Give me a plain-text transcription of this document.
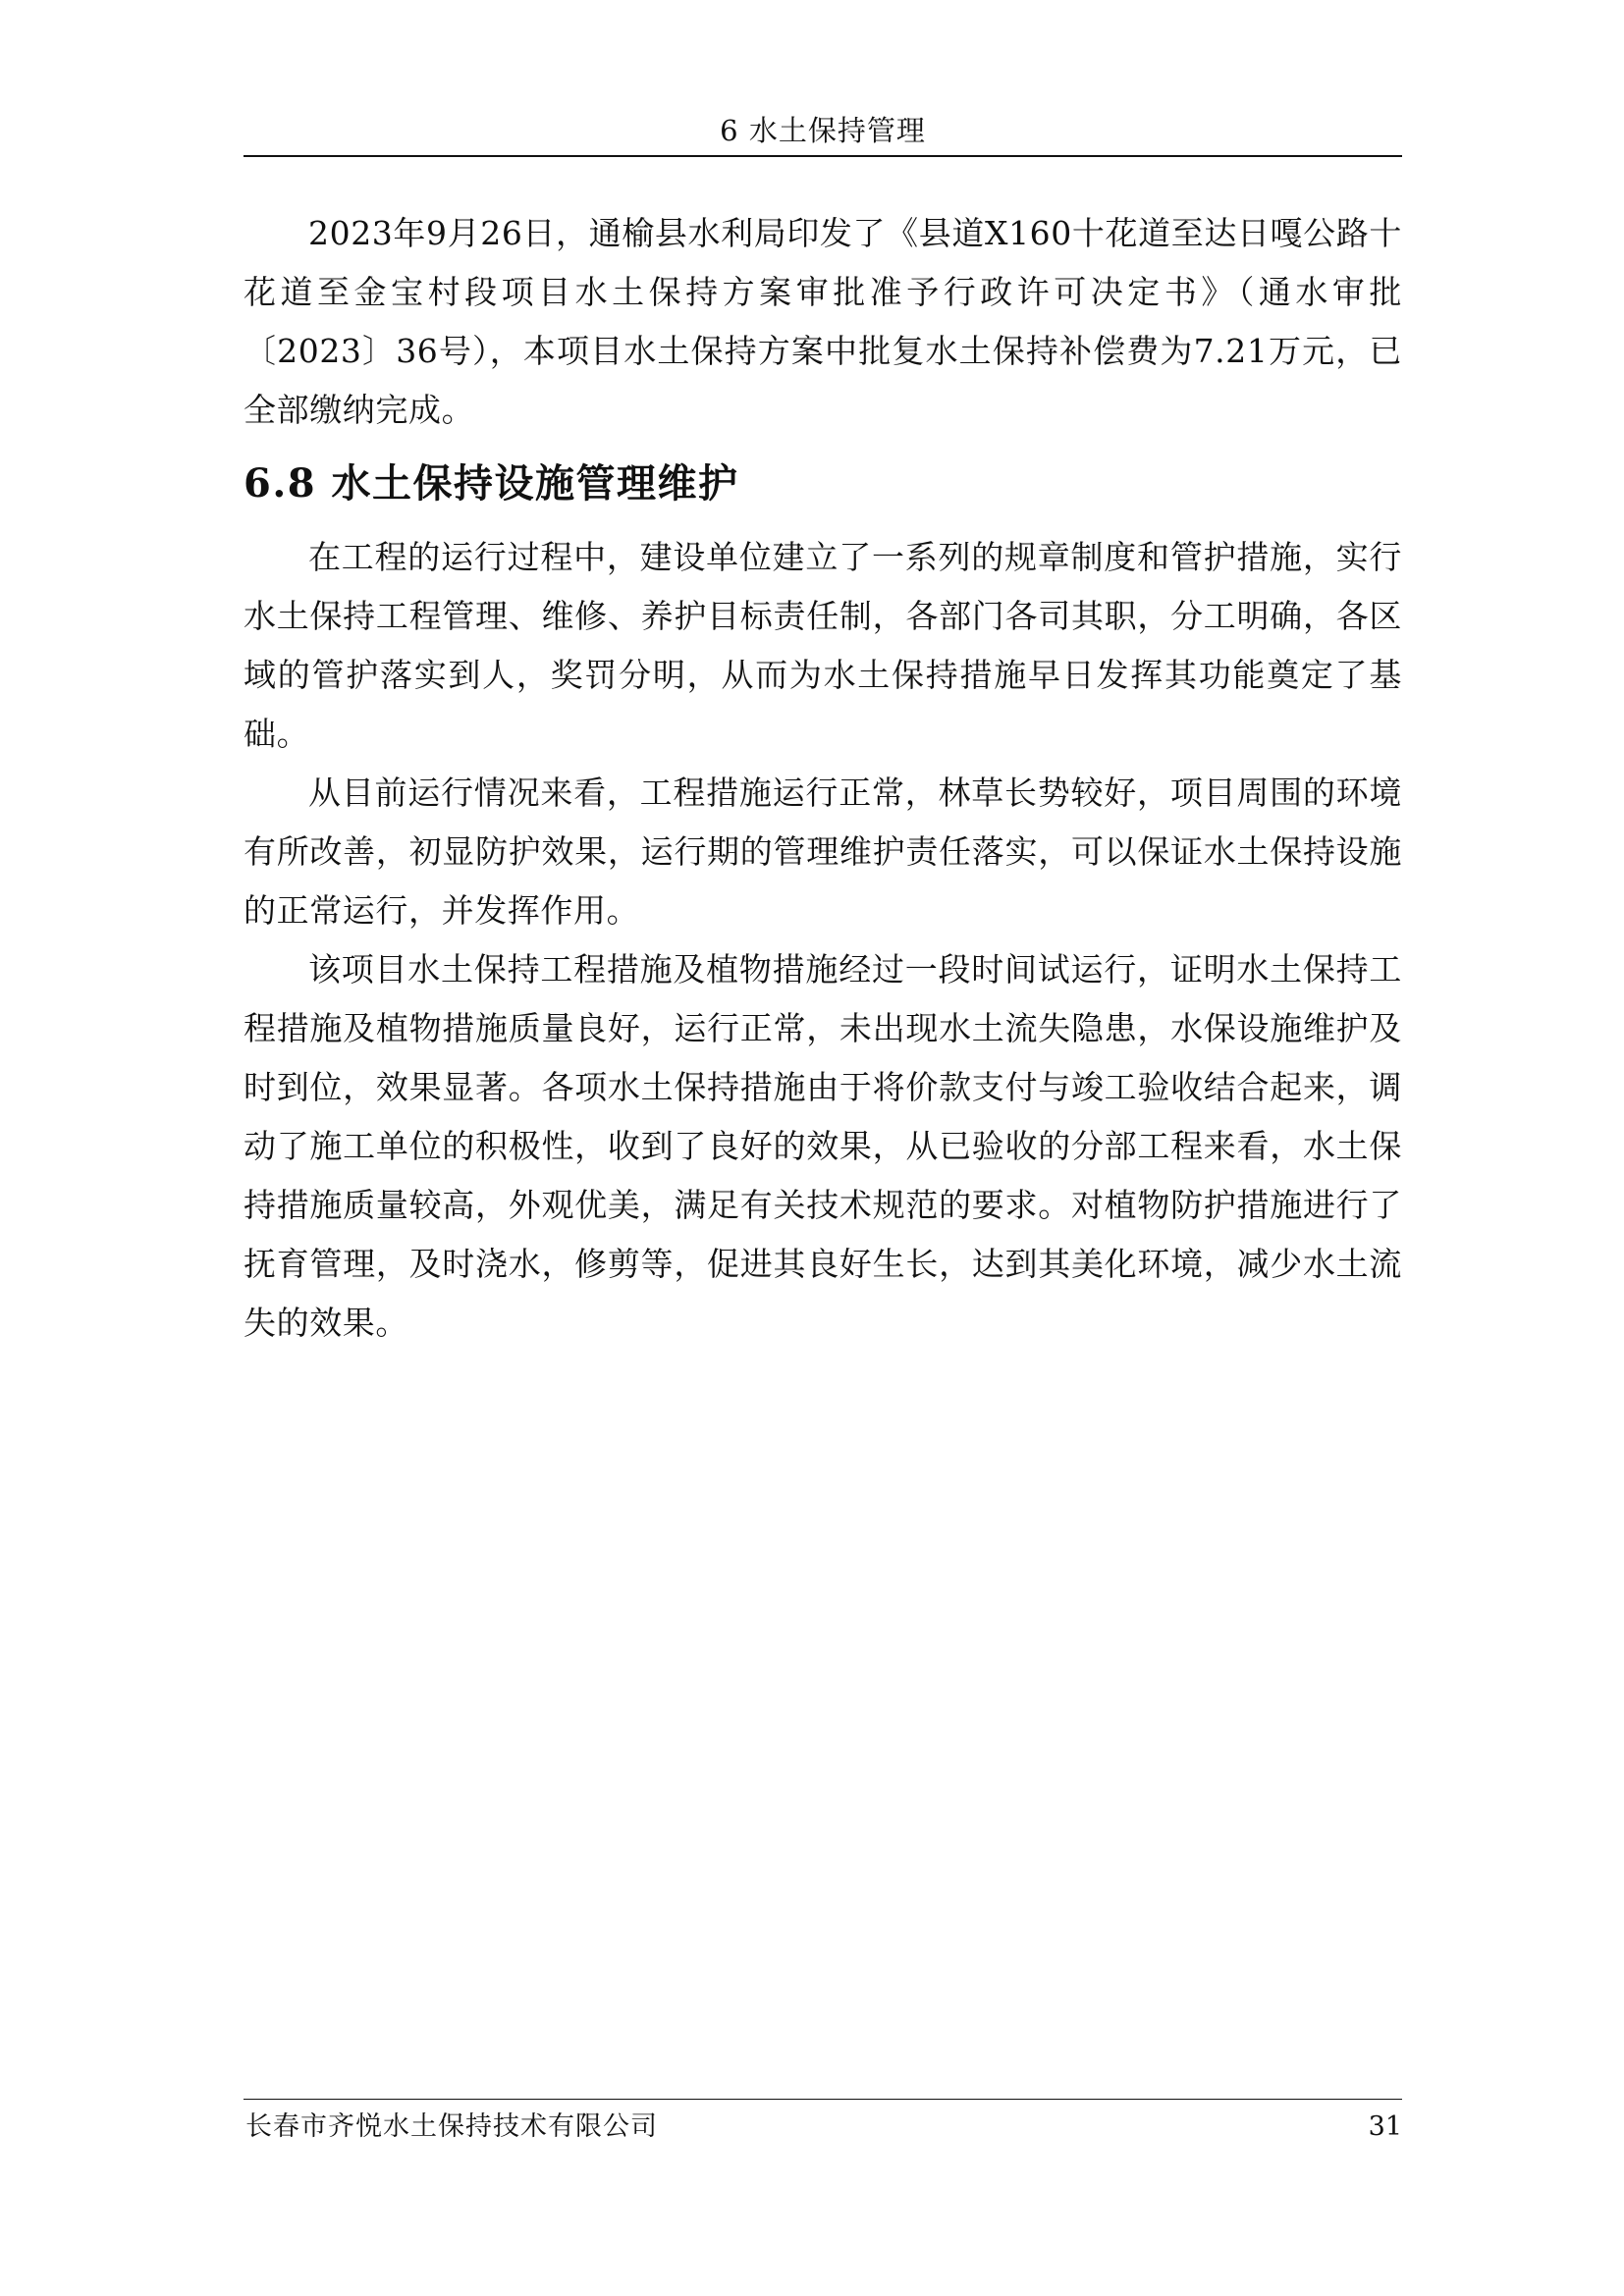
6 水土保持管理

2023年9月26日，通榆县水利局印发了《县道X160十花道至达日嘎公路十花道至金宝村段项目水土保持方案审批准予行政许可决定书》（通水审批〔2023〕36号），本项目水土保持方案中批复水土保持补偿费为7.21万元，已全部缴纳完成。

6.8 水土保持设施管理维护

在工程的运行过程中，建设单位建立了一系列的规章制度和管护措施，实行水土保持工程管理、维修、养护目标责任制，各部门各司其职，分工明确，各区域的管护落实到人，奖罚分明，从而为水土保持措施早日发挥其功能奠定了基础。

从目前运行情况来看，工程措施运行正常，林草长势较好，项目周围的环境有所改善，初显防护效果，运行期的管理维护责任落实，可以保证水土保持设施的正常运行，并发挥作用。

该项目水土保持工程措施及植物措施经过一段时间试运行，证明水土保持工程措施及植物措施质量良好，运行正常，未出现水土流失隐患，水保设施维护及时到位，效果显著。各项水土保持措施由于将价款支付与竣工验收结合起来，调动了施工单位的积极性，收到了良好的效果，从已验收的分部工程来看，水土保持措施质量较高，外观优美，满足有关技术规范的要求。对植物防护措施进行了抚育管理，及时浇水，修剪等，促进其良好生长，达到其美化环境，减少水土流失的效果。

长春市齐悦水土保持技术有限公司	31
